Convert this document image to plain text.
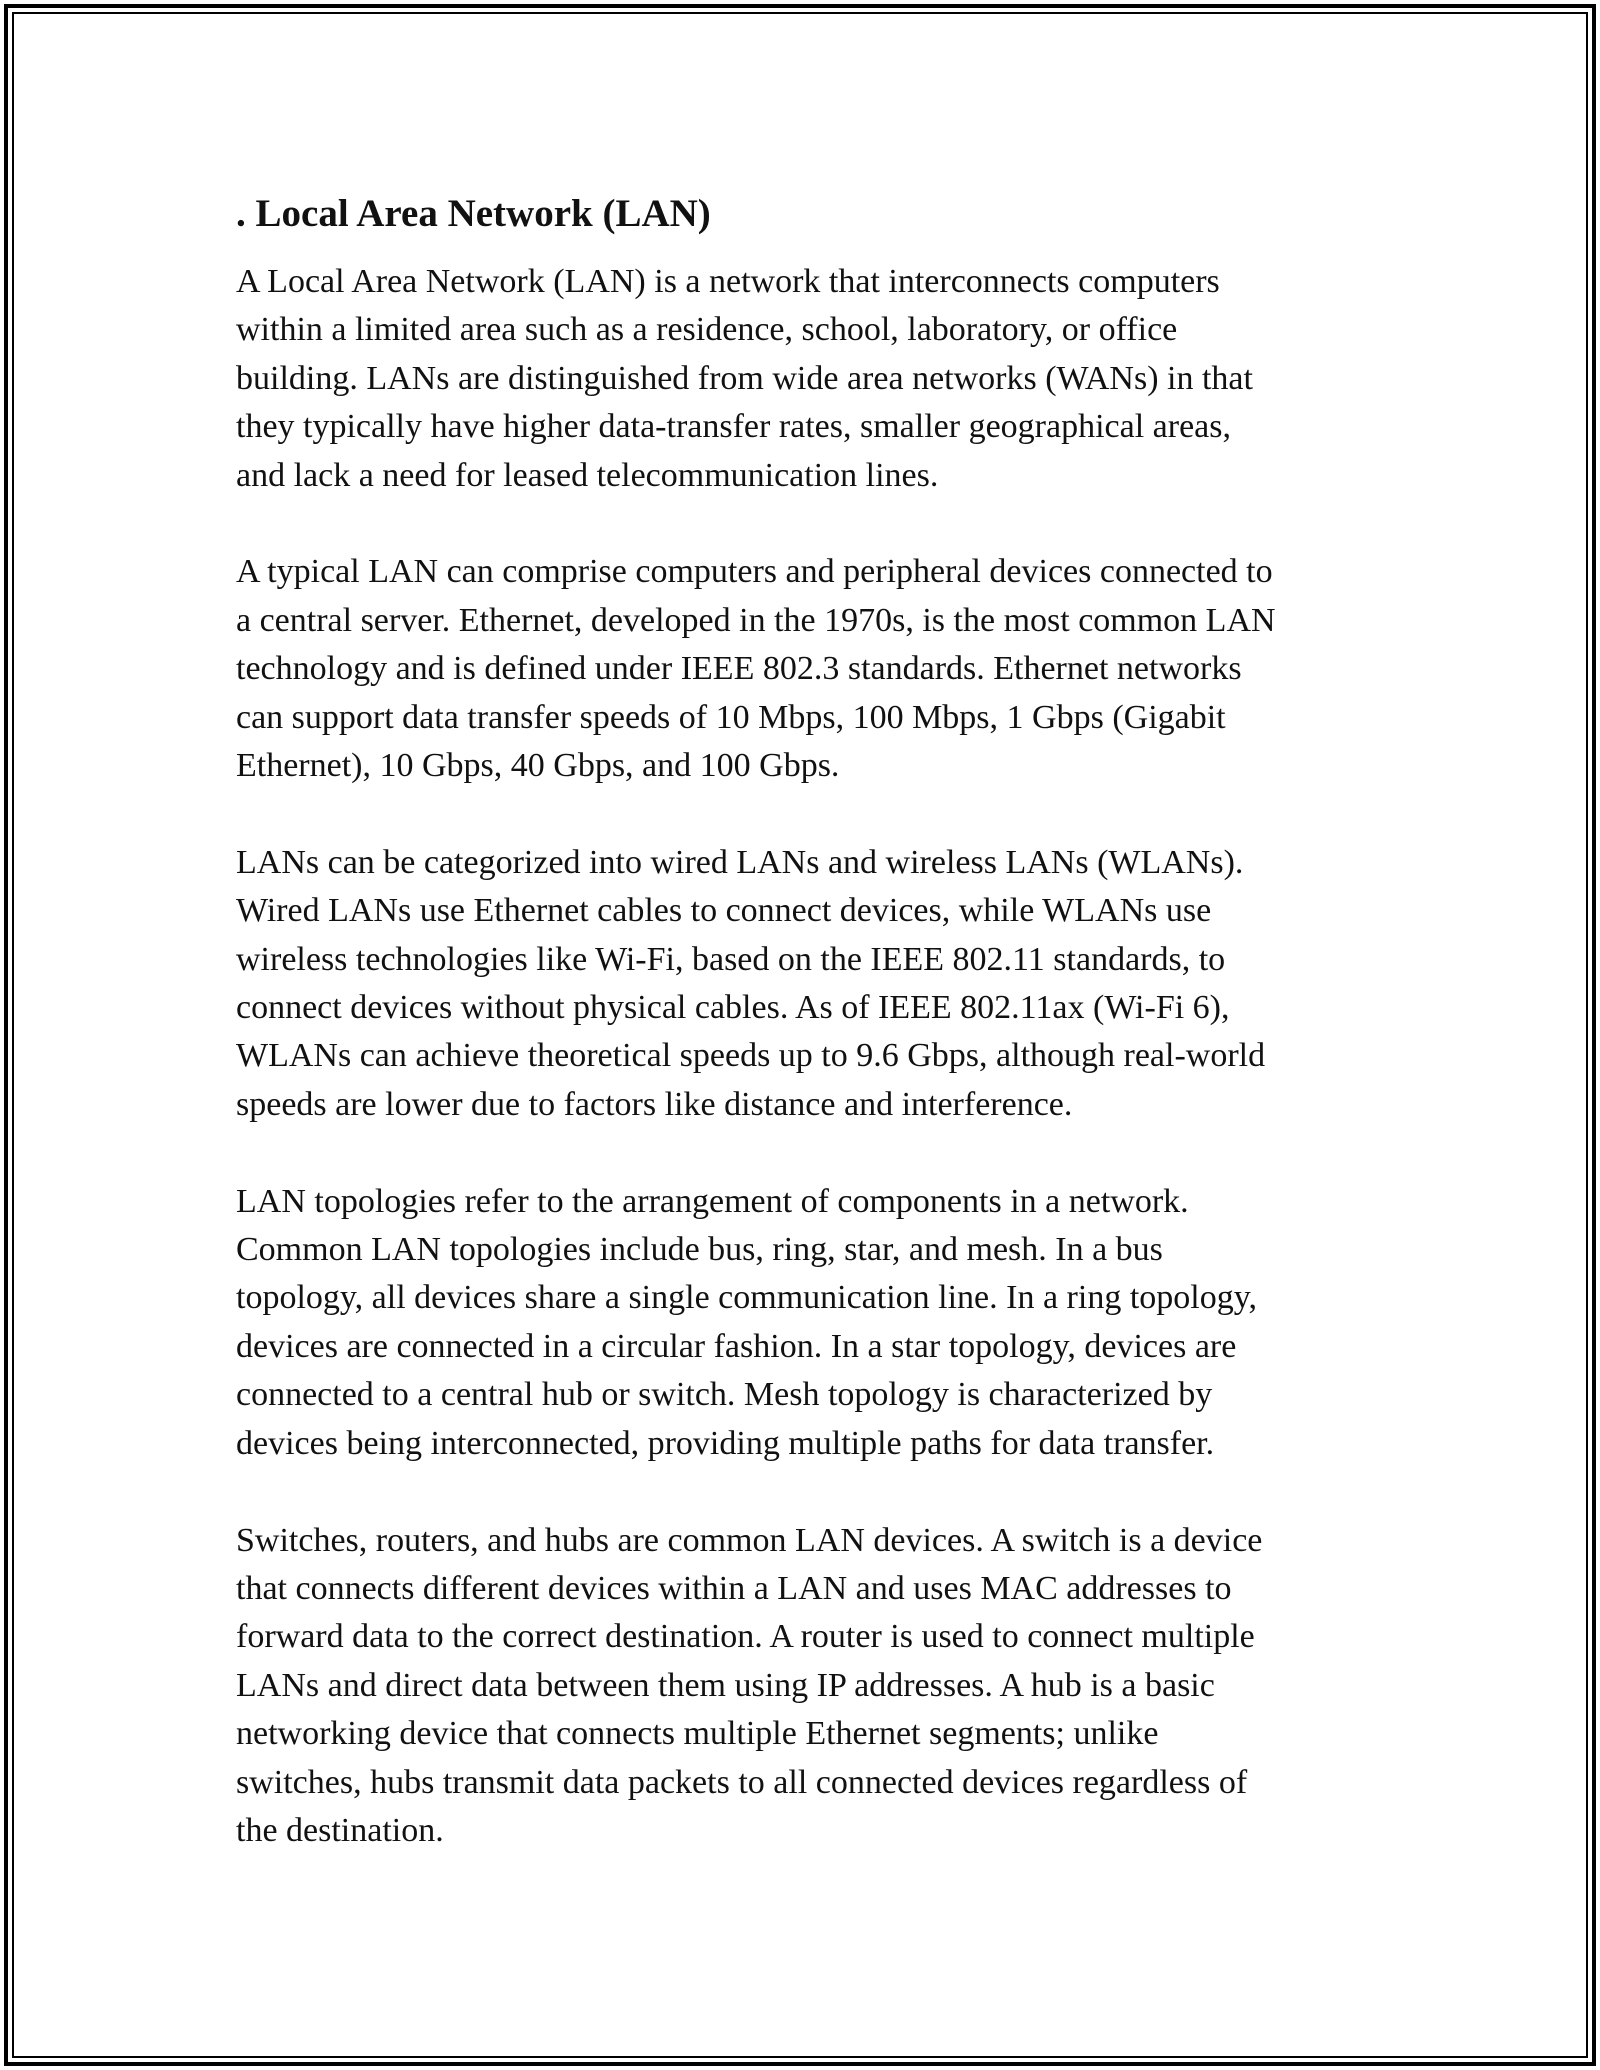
. Local Area Network (LAN)

A Local Area Network (LAN) is a network that interconnects computers
within a limited area such as a residence, school, laboratory, or office
building. LANs are distinguished from wide area networks (WANs) in that
they typically have higher data-transfer rates, smaller geographical areas,
and lack a need for leased telecommunication lines.

A typical LAN can comprise computers and peripheral devices connected to
a central server. Ethernet, developed in the 1970s, is the most common LAN
technology and is defined under IEEE 802.3 standards. Ethernet networks
can support data transfer speeds of 10 Mbps, 100 Mbps, 1 Gbps (Gigabit
Ethernet), 10 Gbps, 40 Gbps, and 100 Gbps.

LANs can be categorized into wired LANs and wireless LANs (WLANs).
Wired LANs use Ethernet cables to connect devices, while WLANs use
wireless technologies like Wi-Fi, based on the IEEE 802.11 standards, to
connect devices without physical cables. As of IEEE 802.11ax (Wi-Fi 6),
WLANs can achieve theoretical speeds up to 9.6 Gbps, although real-world
speeds are lower due to factors like distance and interference.

LAN topologies refer to the arrangement of components in a network.
Common LAN topologies include bus, ring, star, and mesh. In a bus
topology, all devices share a single communication line. In a ring topology,
devices are connected in a circular fashion. In a star topology, devices are
connected to a central hub or switch. Mesh topology is characterized by
devices being interconnected, providing multiple paths for data transfer.

Switches, routers, and hubs are common LAN devices. A switch is a device
that connects different devices within a LAN and uses MAC addresses to
forward data to the correct destination. A router is used to connect multiple
LANs and direct data between them using IP addresses. A hub is a basic
networking device that connects multiple Ethernet segments; unlike
switches, hubs transmit data packets to all connected devices regardless of
the destination.
